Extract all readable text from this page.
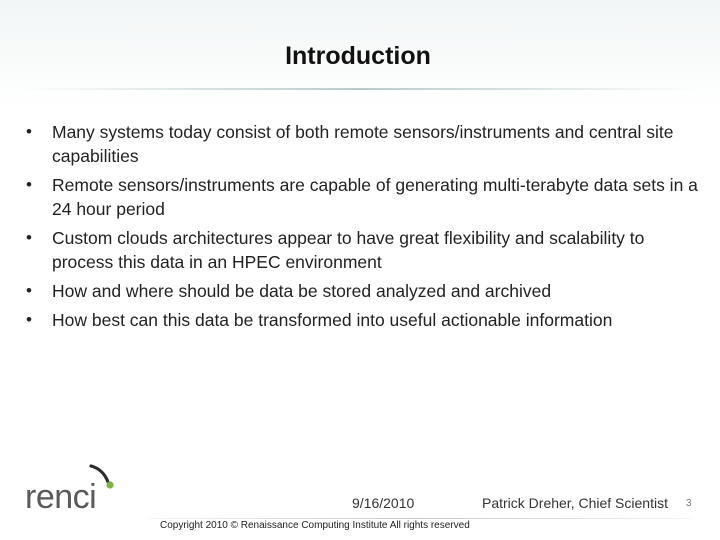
Introduction
• Many systems today consist of both remote sensors/instruments and central site capabilities
• Remote sensors/instruments are capable of generating multi-terabyte data sets in a 24 hour period
• Custom clouds architectures appear to have great flexibility and scalability to process this data in an HPEC environment
• How and where should be data be stored analyzed and archived
• How best can this data be transformed into useful actionable information
renci	9/16/2010	Patrick Dreher, Chief Scientist 3
Copyright 2010 © Renaissance Computing Institute All rights reserved
